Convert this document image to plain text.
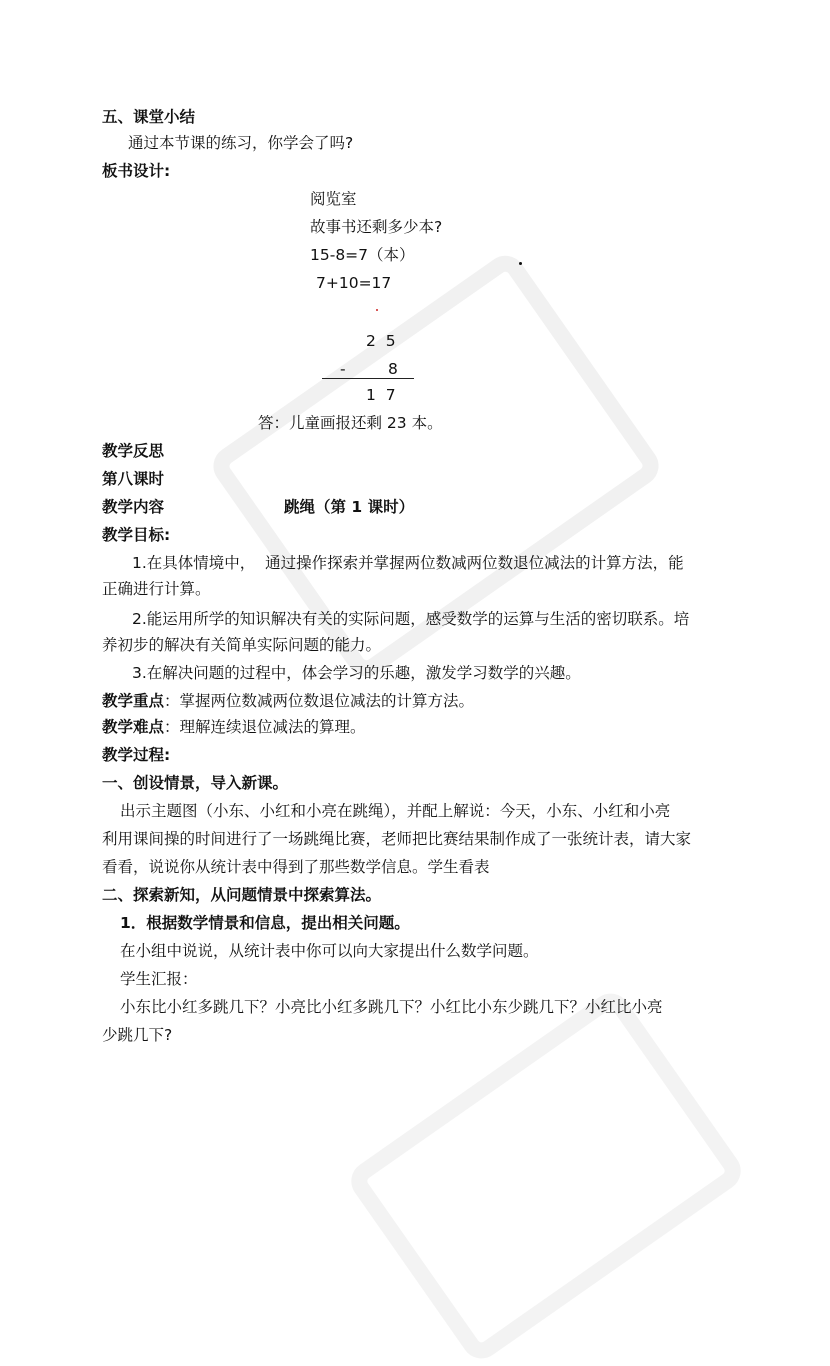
五、课堂小结
通过本节课的练习，你学会了吗?
板书设计:
阅览室
故事书还剩多少本?
15-8=7（本）
7+10=17
2  5
-	8
1  7
答：儿童画报还剩 23 本。
教学反思
第八课时
教学内容	跳绳（第 1 课时）
教学目标:
1.在具体情境中，  通过操作探索并掌握两位数减两位数退位减法的计算方法，能
正确进行计算。
2.能运用所学的知识解决有关的实际问题，感受数学的运算与生活的密切联系。培
养初步的解决有关简单实际问题的能力。
3.在解决问题的过程中，体会学习的乐趣，激发学习数学的兴趣。
教学重点：掌握两位数减两位数退位减法的计算方法。
教学难点：理解连续退位减法的算理。
教学过程:
一、创设情景，导入新课。
出示主题图（小东、小红和小亮在跳绳），并配上解说：今天，小东、小红和小亮
利用课间操的时间进行了一场跳绳比赛，老师把比赛结果制作成了一张统计表，请大家
看看，说说你从统计表中得到了那些数学信息。学生看表
二、探索新知，从问题情景中探索算法。
1．根据数学情景和信息，提出相关问题。
在小组中说说，从统计表中你可以向大家提出什么数学问题。
学生汇报：
小东比小红多跳几下？小亮比小红多跳几下？小红比小东少跳几下？小红比小亮
少跳几下?
